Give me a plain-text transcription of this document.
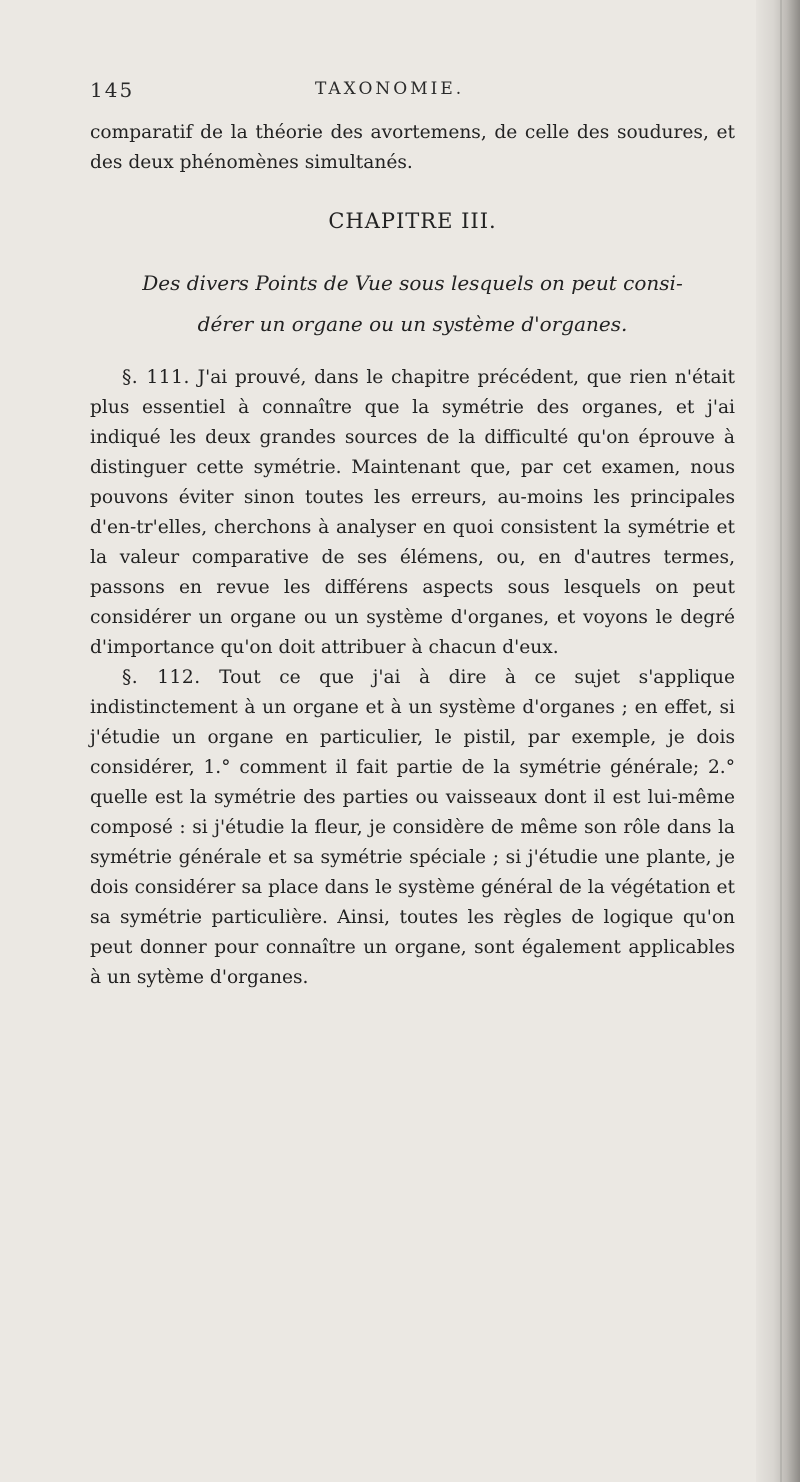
145	TAXONOMIE.

comparatif de la théorie des avortemens, de celle des soudures, et des deux phénomènes simultanés.

CHAPITRE III.
Des divers Points de Vue sous lesquels on peut consi-
dérer un organe ou un système d'organes.

§. 111. J'ai prouvé, dans le chapitre précédent, que rien n'était plus essentiel à connaître que la symétrie des organes, et j'ai indiqué les deux grandes sources de la difficulté qu'on éprouve à distinguer cette symétrie. Maintenant que, par cet examen, nous pouvons éviter sinon toutes les erreurs, au-moins les principales d'en-tr'elles, cherchons à analyser en quoi consistent la symétrie et la valeur comparative de ses élémens, ou, en d'autres termes, passons en revue les différens aspects sous lesquels on peut considérer un organe ou un système d'organes, et voyons le degré d'importance qu'on doit attribuer à chacun d'eux.

§. 112. Tout ce que j'ai à dire à ce sujet s'applique indistinctement à un organe et à un système d'organes ; en effet, si j'étudie un organe en particulier, le pistil, par exemple, je dois considérer, 1.° comment il fait partie de la symétrie générale; 2.° quelle est la symétrie des parties ou vaisseaux dont il est lui-même composé : si j'étudie la fleur, je considère de même son rôle dans la symétrie générale et sa symétrie spéciale ; si j'étudie une plante, je dois considérer sa place dans le système général de la végétation et sa symétrie particulière. Ainsi, toutes les règles de logique qu'on peut donner pour connaître un organe, sont également applicables à un sytème d'organes.
